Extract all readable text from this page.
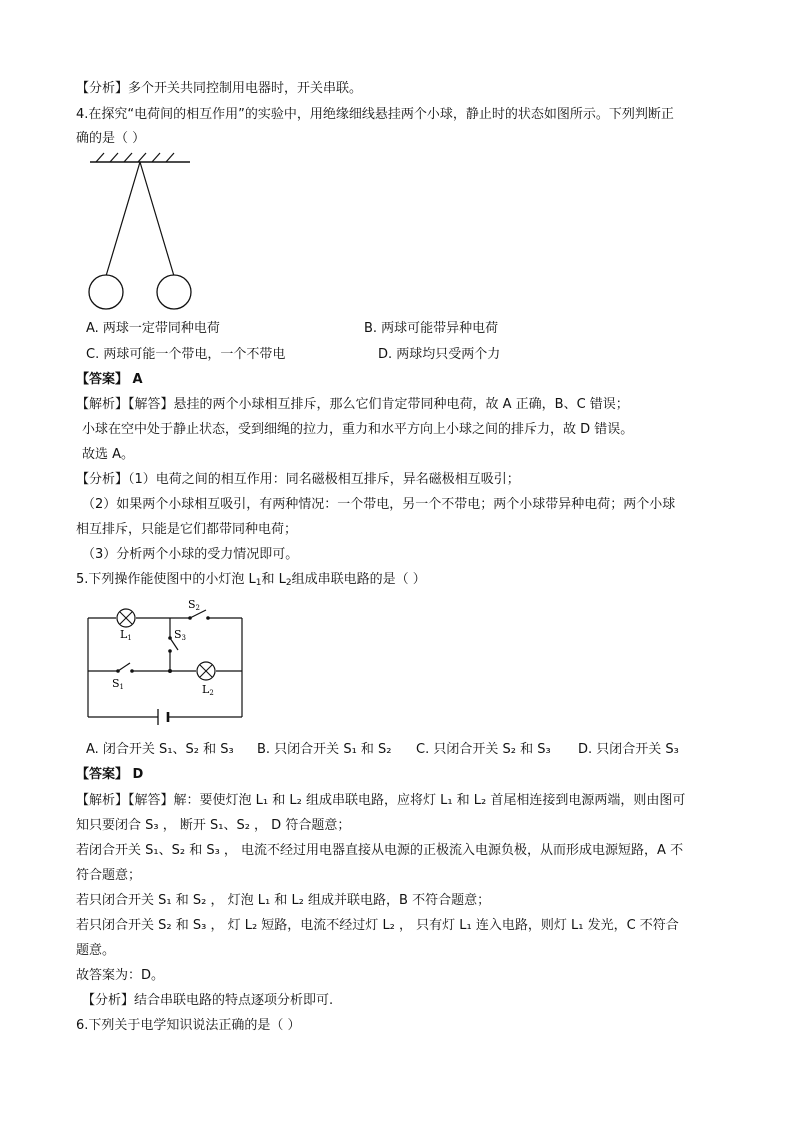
【分析】多个开关共同控制用电器时，开关串联。
4.在探究“电荷间的相互作用”的实验中，用绝缘细线悬挂两个小球，静止时的状态如图所示。下列判断正
确的是（ ）
A. 两球一定带同种电荷	B. 两球可能带异种电荷
C. 两球可能一个带电，一个不带电	D. 两球均只受两个力
【答案】 A
【解析】【解答】悬挂的两个小球相互排斥，那么它们肯定带同种电荷，故 A 正确，B、C 错误；
小球在空中处于静止状态，受到细绳的拉力，重力和水平方向上小球之间的排斥力，故 D 错误。
故选 A。
【分析】（1）电荷之间的相互作用：同名磁极相互排斥，异名磁极相互吸引；
（2）如果两个小球相互吸引，有两种情况：一个带电，另一个不带电；两个小球带异种电荷；两个小球
相互排斥，只能是它们都带同种电荷；
（3）分析两个小球的受力情况即可。
5.下列操作能使图中的小灯泡 $L_1$和 $L_2$组成串联电路的是（ ）
L1
S2
S3
S1	L2
A. 闭合开关 S₁、S₂ 和 S₃ B. 只闭合开关 S₁ 和 S₂ C. 只闭合开关 S₂ 和 S₃ D. 只闭合开关 S₃
【答案】 D
【解析】【解答】解：要使灯泡 L₁ 和 L₂ 组成串联电路，应将灯 L₁ 和 L₂ 首尾相连接到电源两端，则由图可
知只要闭合 S₃ ， 断开 S₁、S₂ ， D 符合题意；
若闭合开关 S₁、S₂ 和 S₃ ， 电流不经过用电器直接从电源的正极流入电源负极，从而形成电源短路，A 不
符合题意；
若只闭合开关 S₁ 和 S₂ ， 灯泡 L₁ 和 L₂ 组成并联电路，B 不符合题意；
若只闭合开关 S₂ 和 S₃ ， 灯 L₂ 短路，电流不经过灯 L₂ ， 只有灯 L₁ 连入电路，则灯 L₁ 发光，C 不符合
题意。
故答案为：D。
【分析】结合串联电路的特点逐项分析即可.
6.下列关于电学知识说法正确的是（ ）
